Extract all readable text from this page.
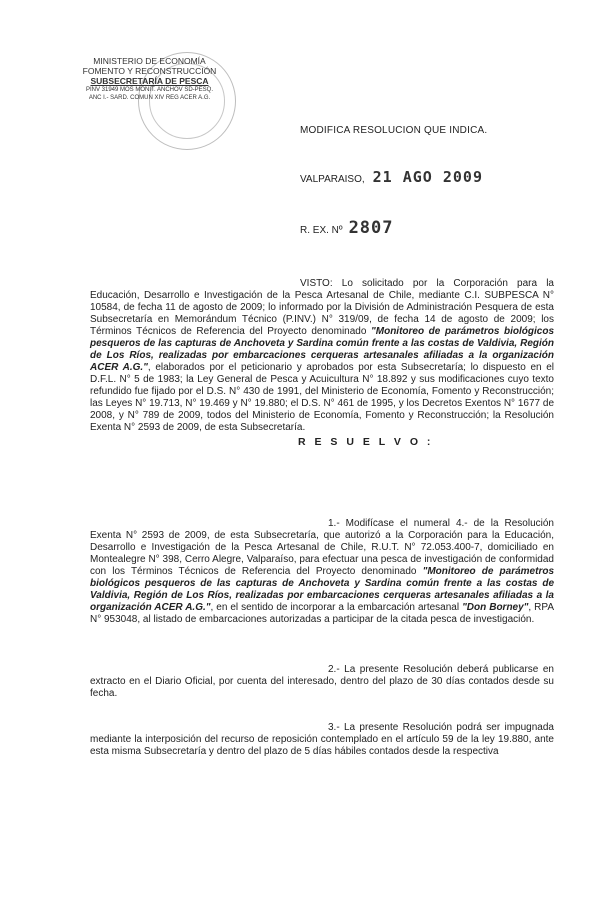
MINISTERIO DE ECONOMÍA
FOMENTO Y RECONSTRUCCIÓN
SUBSECRETARÍA DE PESCA
PINV 31949 MOS MONIT. ANCHOV SD-PESQ.
ANC I.- SARD. COMUN XIV REG ACER A.G.
MODIFICA RESOLUCION QUE INDICA.
VALPARAISO, 21 AGO 2009
R. EX. Nº 2807
VISTO: Lo solicitado por la Corporación para la Educación, Desarrollo e Investigación de la Pesca Artesanal de Chile, mediante C.I. SUBPESCA N° 10584, de fecha 11 de agosto de 2009; lo informado por la División de Administración Pesquera de esta Subsecretaría en Memorándum Técnico (P.INV.) N° 319/09, de fecha 14 de agosto de 2009; los Términos Técnicos de Referencia del Proyecto denominado "Monitoreo de parámetros biológicos pesqueros de las capturas de Anchoveta y Sardina común frente a las costas de Valdivia, Región de Los Ríos, realizadas por embarcaciones cerqueras artesanales afiliadas a la organización ACER A.G.", elaborados por el peticionario y aprobados por esta Subsecretaría; lo dispuesto en el D.F.L. N° 5 de 1983; la Ley General de Pesca y Acuicultura N° 18.892 y sus modificaciones cuyo texto refundido fue fijado por el D.S. N° 430 de 1991, del Ministerio de Economía, Fomento y Reconstrucción; las Leyes N° 19.713, N° 19.469 y N° 19.880; el D.S. N° 461 de 1995, y los Decretos Exentos N° 1677 de 2008, y N° 789 de 2009, todos del Ministerio de Economía, Fomento y Reconstrucción; la Resolución Exenta N° 2593 de 2009, de esta Subsecretaría.
R E S U E L V O :
1.- Modifícase el numeral 4.- de la Resolución Exenta N° 2593 de 2009, de esta Subsecretaría, que autorizó a la Corporación para la Educación, Desarrollo e Investigación de la Pesca Artesanal de Chile, R.U.T. N° 72.053.400-7, domiciliado en Montealegre N° 398, Cerro Alegre, Valparaíso, para efectuar una pesca de investigación de conformidad con los Términos Técnicos de Referencia del Proyecto denominado "Monitoreo de parámetros biológicos pesqueros de las capturas de Anchoveta y Sardina común frente a las costas de Valdivia, Región de Los Ríos, realizadas por embarcaciones cerqueras artesanales afiliadas a la organización ACER A.G.", en el sentido de incorporar a la embarcación artesanal "Don Borney", RPA N° 953048, al listado de embarcaciones autorizadas a participar de la citada pesca de investigación.
2.- La presente Resolución deberá publicarse en extracto en el Diario Oficial, por cuenta del interesado, dentro del plazo de 30 días contados desde su fecha.
3.- La presente Resolución podrá ser impugnada mediante la interposición del recurso de reposición contemplado en el artículo 59 de la ley 19.880, ante esta misma Subsecretaría y dentro del plazo de 5 días hábiles contados desde la respectiva
